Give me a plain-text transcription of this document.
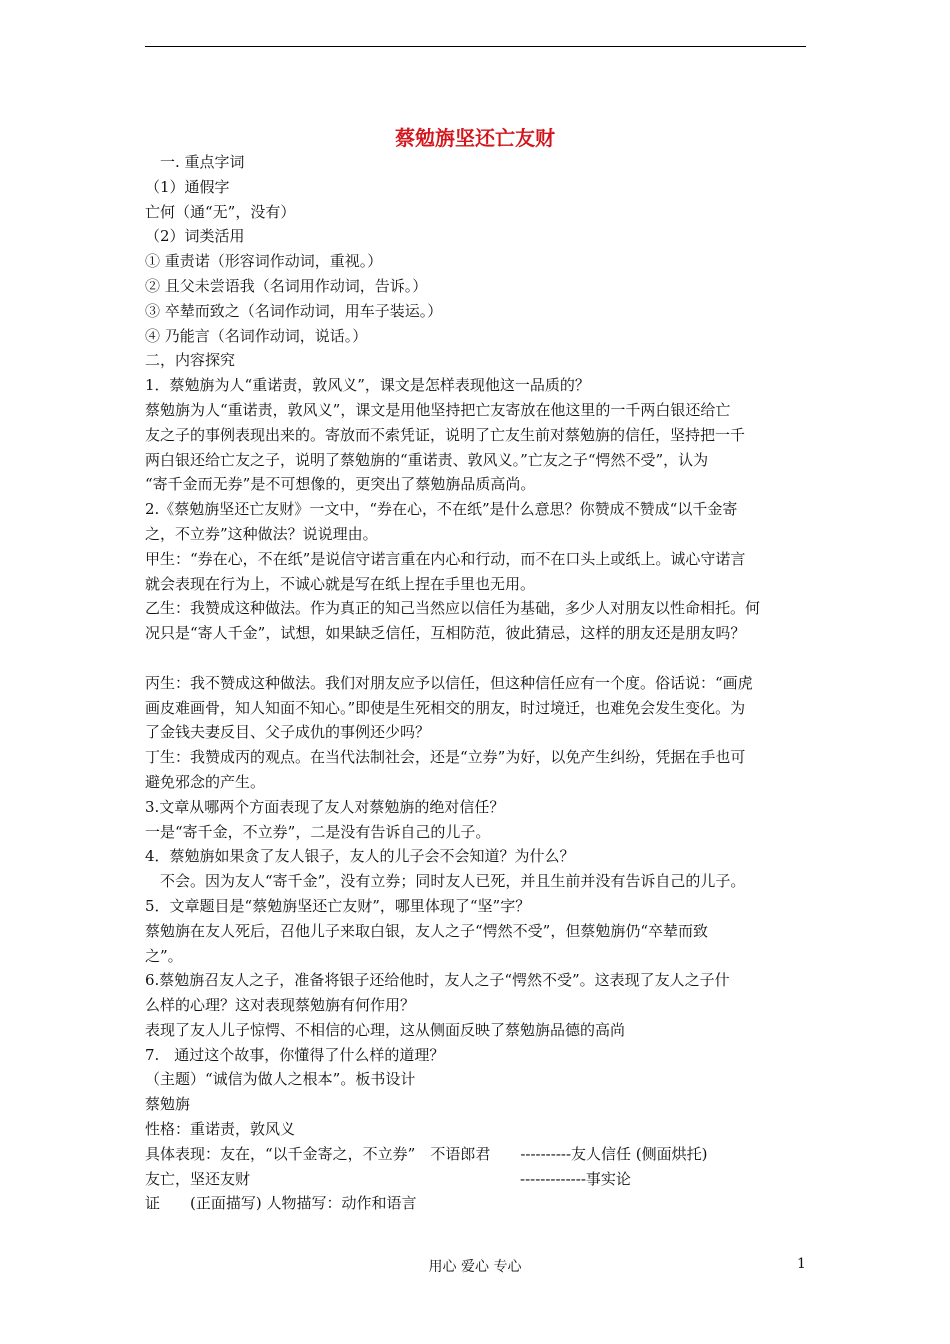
蔡勉旃坚还亡友财

　一. 重点字词

（1）通假字

亡何（通“无”，没有）

（2）词类活用

① 重责诺（形容词作动词，重视。）

② 且父未尝语我（名词用作动词，告诉。）

③ 卒辇而致之（名词作动词，用车子装运。）

④ 乃能言（名词作动词，说话。）

二，内容探究

1．蔡勉旃为人“重诺责，敦风义”，课文是怎样表现他这一品质的？

蔡勉旃为人“重诺责，敦风义”，课文是用他坚持把亡友寄放在他这里的一千两白银还给亡

友之子的事例表现出来的。寄放而不索凭证，说明了亡友生前对蔡勉旃的信任，坚持把一千

两白银还给亡友之子，说明了蔡勉旃的“重诺责、敦风义。”亡友之子“愕然不受”，认为

“寄千金而无券”是不可想像的，更突出了蔡勉旃品质高尚。

2.《蔡勉旃坚还亡友财》一文中，“券在心，不在纸”是什么意思？你赞成不赞成“以千金寄

之，不立券”这种做法？说说理由。

甲生：“券在心，不在纸”是说信守诺言重在内心和行动，而不在口头上或纸上。诚心守诺言

就会表现在行为上，不诚心就是写在纸上捏在手里也无用。

乙生：我赞成这种做法。作为真正的知己当然应以信任为基础，多少人对朋友以性命相托。何

况只是“寄人千金”，试想，如果缺乏信任，互相防范，彼此猜忌，这样的朋友还是朋友吗？

丙生：我不赞成这种做法。我们对朋友应予以信任，但这种信任应有一个度。俗话说：“画虎

画皮难画骨，知人知面不知心。”即使是生死相交的朋友，时过境迁，也难免会发生变化。为

了金钱夫妻反目、父子成仇的事例还少吗？

丁生：我赞成丙的观点。在当代法制社会，还是“立券”为好，以免产生纠纷，凭据在手也可

避免邪念的产生。

3.文章从哪两个方面表现了友人对蔡勉旃的绝对信任？

一是“寄千金，不立券”，二是没有告诉自己的儿子。

4．蔡勉旃如果贪了友人银子，友人的儿子会不会知道？为什么？

　不会。因为友人“寄千金”，没有立券；同时友人已死，并且生前并没有告诉自己的儿子。

5．文章题目是“蔡勉旃坚还亡友财”，哪里体现了“坚”字？

蔡勉旃在友人死后，召他儿子来取白银，友人之子“愕然不受”，但蔡勉旃仍“卒辇而致

之”。

6.蔡勉旃召友人之子，准备将银子还给他时，友人之子“愕然不受”。这表现了友人之子什

么样的心理？这对表现蔡勉旃有何作用？

表现了友人儿子惊愕、不相信的心理，这从侧面反映了蔡勉旃品德的高尚

7.　通过这个故事，你懂得了什么样的道理？

（主题）“诚信为做人之根本”。板书设计

蔡勉旃

性格：重诺责，敦风义

具体表现：友在，“以千金寄之，不立券”　不语郎君　　----------友人信任 (侧面烘托)

友亡，坚还友财　　　　　　　　　　　　　　　　　　-------------事实论

证　　(正面描写) 人物描写：动作和语言

用心 爱心 专心	1
